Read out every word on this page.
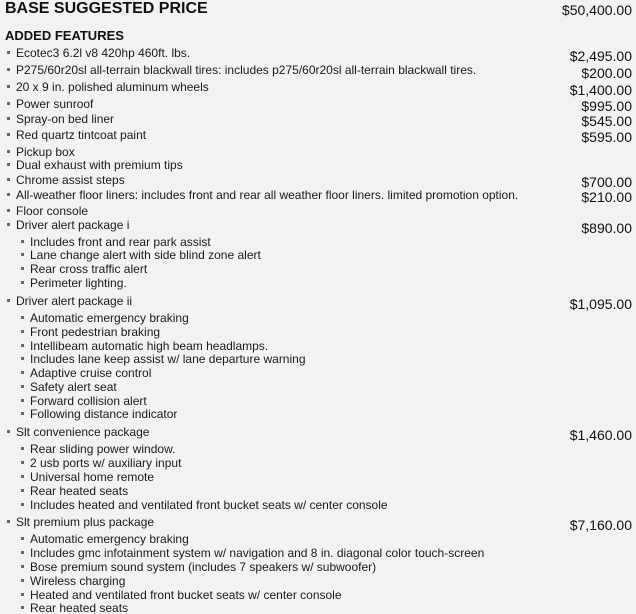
BASE SUGGESTED PRICE	$50,400.00
ADDED FEATURES
Ecotec3 6.2l v8 420hp 460ft. lbs.	$2,495.00
P275/60r20sl all-terrain blackwall tires: includes p275/60r20sl all-terrain blackwall tires.	$200.00
20 x 9 in. polished aluminum wheels	$1,400.00
Power sunroof	$995.00
Spray-on bed liner	$545.00
Red quartz tintcoat paint	$595.00
Pickup box
Dual exhaust with premium tips
Chrome assist steps	$700.00
All-weather floor liners: includes front and rear all weather floor liners. limited promotion option.	$210.00
Floor console
Driver alert package i	$890.00
Includes front and rear park assist
Lane change alert with side blind zone alert
Rear cross traffic alert
Perimeter lighting.
Driver alert package ii	$1,095.00
Automatic emergency braking
Front pedestrian braking
Intellibeam automatic high beam headlamps.
Includes lane keep assist w/ lane departure warning
Adaptive cruise control
Safety alert seat
Forward collision alert
Following distance indicator
Slt convenience package	$1,460.00
Rear sliding power window.
2 usb ports w/ auxiliary input
Universal home remote
Rear heated seats
Includes heated and ventilated front bucket seats w/ center console
Slt premium plus package	$7,160.00
Automatic emergency braking
Includes gmc infotainment system w/ navigation and 8 in. diagonal color touch-screen
Bose premium sound system (includes 7 speakers w/ subwoofer)
Wireless charging
Heated and ventilated front bucket seats w/ center console
Rear heated seats
